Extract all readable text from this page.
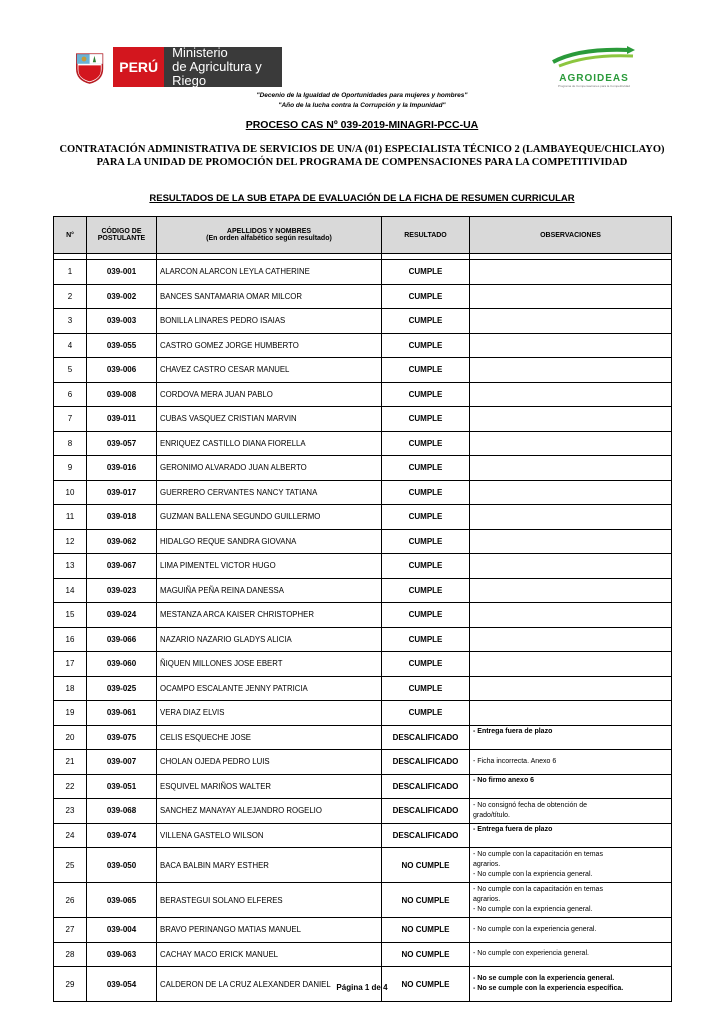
PERÚ
Ministerio
de Agricultura y Riego	AGROIDEAS
Programa de Compensaciones para la Competitividad
"Decenio de la Igualdad de Oportunidades para mujeres y hombres"
"Año de la lucha contra la Corrupción y la Impunidad"
PROCESO CAS Nº 039-2019-MINAGRI-PCC-UA
CONTRATACIÓN ADMINISTRATIVA DE SERVICIOS DE UN/A (01) ESPECIALISTA TÉCNICO 2 (LAMBAYEQUE/CHICLAYO) PARA LA UNIDAD DE PROMOCIÓN DEL PROGRAMA DE COMPENSACIONES PARA LA COMPETITIVIDAD
RESULTADOS DE LA SUB ETAPA DE EVALUACIÓN DE LA FICHA DE RESUMEN CURRICULAR
N°	CÓDIGO DE POSTULANTE	APELLIDOS Y NOMBRES
(En orden alfabético según resultado)	RESULTADO	OBSERVACIONES

1	039-001	ALARCON ALARCON LEYLA CATHERINE	CUMPLE	
2	039-002	BANCES SANTAMARIA OMAR MILCOR	CUMPLE	
3	039-003	BONILLA LINARES PEDRO ISAIAS	CUMPLE	
4	039-055	CASTRO GOMEZ JORGE HUMBERTO	CUMPLE	
5	039-006	CHAVEZ CASTRO CESAR MANUEL	CUMPLE	
6	039-008	CORDOVA MERA JUAN PABLO	CUMPLE	
7	039-011	CUBAS VASQUEZ CRISTIAN MARVIN	CUMPLE	
8	039-057	ENRIQUEZ CASTILLO DIANA FIORELLA	CUMPLE	
9	039-016	GERONIMO ALVARADO JUAN ALBERTO	CUMPLE	
10	039-017	GUERRERO CERVANTES NANCY TATIANA	CUMPLE	
11	039-018	GUZMAN BALLENA SEGUNDO GUILLERMO	CUMPLE	
12	039-062	HIDALGO REQUE SANDRA GIOVANA	CUMPLE	
13	039-067	LIMA PIMENTEL VICTOR HUGO	CUMPLE	
14	039-023	MAGUIÑA PEÑA REINA DANESSA	CUMPLE	
15	039-024	MESTANZA ARCA KAISER CHRISTOPHER	CUMPLE	
16	039-066	NAZARIO NAZARIO GLADYS ALICIA	CUMPLE	
17	039-060	ÑIQUEN MILLONES JOSE EBERT	CUMPLE	
18	039-025	OCAMPO ESCALANTE JENNY PATRICIA	CUMPLE	
19	039-061	VERA DIAZ ELVIS	CUMPLE	
20	039-075	CELIS ESQUECHE JOSE	DESCALIFICADO	- Entrega fuera de plazo

21	039-007	CHOLAN OJEDA PEDRO LUIS	DESCALIFICADO	- Ficha incorrecta. Anexo 6

22	039-051	ESQUIVEL MARIÑOS WALTER	DESCALIFICADO	- No firmo anexo 6

23	039-068	SANCHEZ MANAYAY ALEJANDRO ROGELIO	DESCALIFICADO	- No consignó fecha de obtención de
grado/título.

24	039-074	VILLENA GASTELO WILSON	DESCALIFICADO	- Entrega fuera de plazo

25	039-050	BACA BALBIN MARY ESTHER	NO CUMPLE	- No cumple con la capacitación en temas
agrarios.
- No cumple con la exprienci​a general.

26	039-065	BERASTEGUI SOLANO ELFERES	NO CUMPLE	- No cumple con la capacitación en temas
agrarios.
- No cumple con la exprienci​a general.

27	039-004	BRAVO PERINANGO MATIAS MANUEL	NO CUMPLE	- No cumple con la experiencia general.

28	039-063	CACHAY MACO ERICK MANUEL	NO CUMPLE	- No cumple con experiencia general.

29	039-054	CALDERON DE LA CRUZ ALEXANDER DANIEL	NO CUMPLE	- No se cumple con la experiencia general.
- No se cumple con la experiencia específica.
Página 1 de 4
